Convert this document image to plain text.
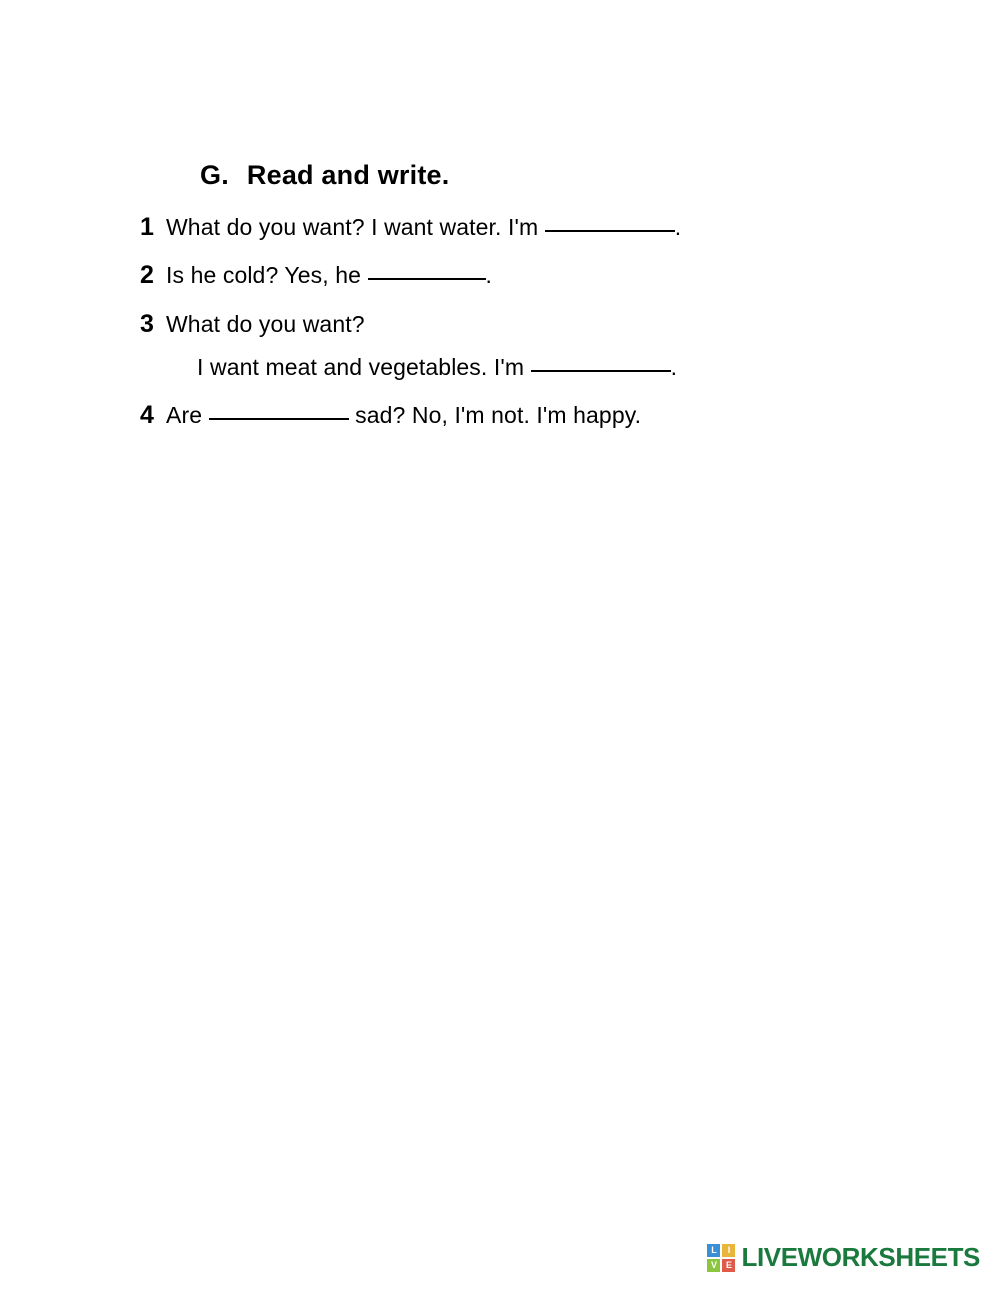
G. Read and write.
1 What do you want? I want water. I'm	.
2 Is he cold? Yes, he	.
3 What do you want?
I want meat and vegetables. I'm	.
4 Are	sad? No, I'm not. I'm happy.
L	I
V E LIVEWORKSHEETS
